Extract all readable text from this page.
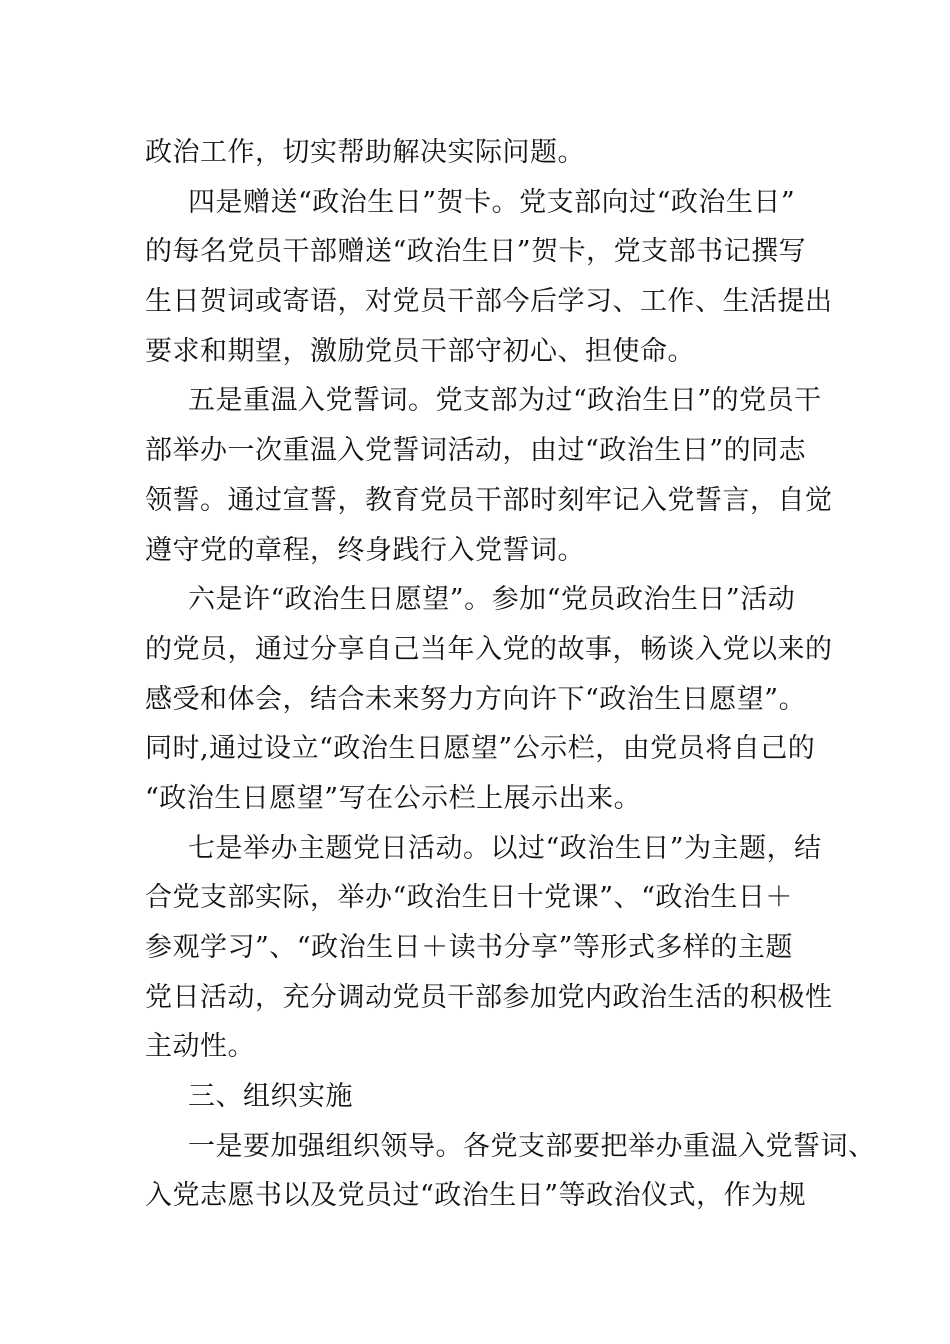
政治工作，切实帮助解决实际问题。
四是赠送“政治生日”贺卡。党支部向过“政治生日”
的每名党员干部赠送“政治生日”贺卡，党支部书记撰写
生日贺词或寄语，对党员干部今后学习、工作、生活提出
要求和期望，激励党员干部守初心、担使命。
五是重温入党誓词。党支部为过“政治生日”的党员干
部举办一次重温入党誓词活动，由过“政治生日”的同志
领誓。通过宣誓，教育党员干部时刻牢记入党誓言，自觉
遵守党的章程，终身践行入党誓词。
六是许“政治生日愿望”。参加“党员政治生日”活动
的党员，通过分享自己当年入党的故事，畅谈入党以来的
感受和体会，结合未来努力方向许下“政治生日愿望”。
同时,通过设立“政治生日愿望”公示栏，由党员将自己的
“政治生日愿望”写在公示栏上展示出来。
七是举办主题党日活动。以过“政治生日”为主题，结
合党支部实际，举办“政治生日十党课”、“政治生日＋
参观学习”、“政治生日＋读书分享”等形式多样的主题
党日活动，充分调动党员干部参加党内政治生活的积极性
主动性。
三、组织实施
一是要加强组织领导。各党支部要把举办重温入党誓词、
入党志愿书以及党员过“政治生日”等政治仪式，作为规
